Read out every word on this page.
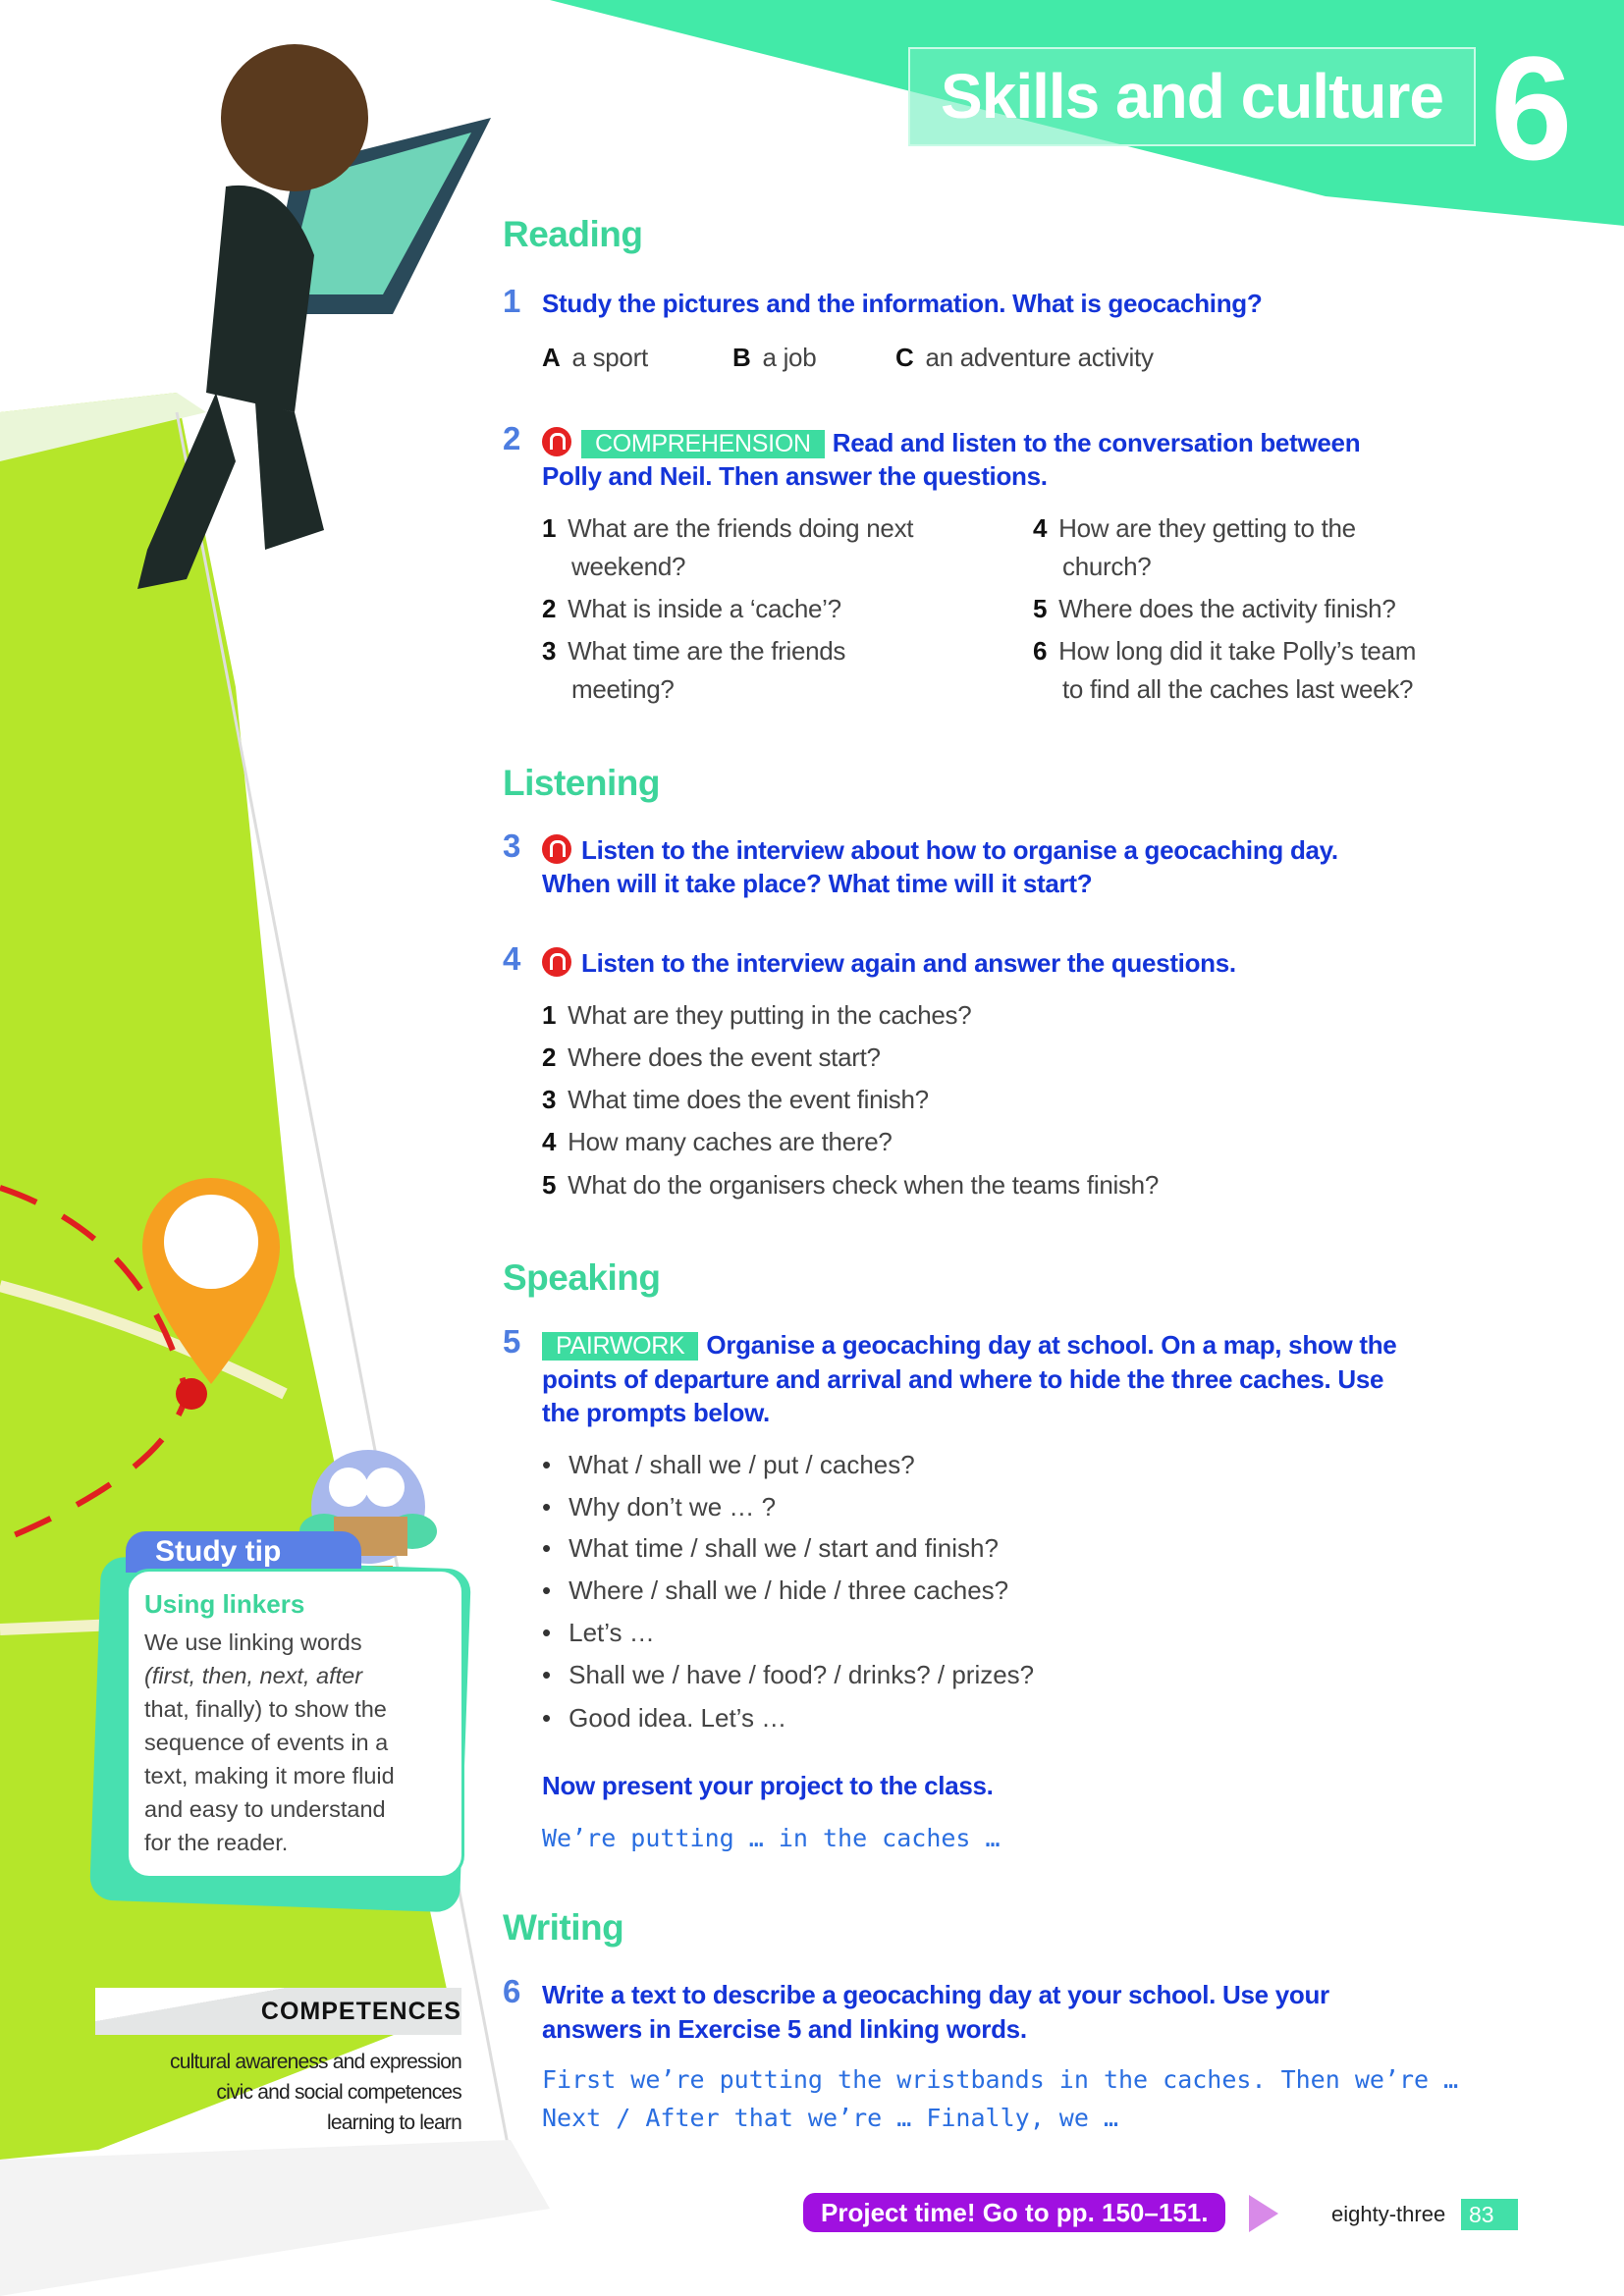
Skills and culture 6
Reading
1 Study the pictures and the information. What is geocaching?
A a sport	B a job	C an adventure activity
2	COMPREHENSION Read and listen to the conversation between
Polly and Neil. Then answer the questions.
1 What are the friends doing next
weekend?
2 What is inside a ‘cache’?
3 What time are the friends
meeting?
4 How are they getting to the
church?
5 Where does the activity finish?
6 How long did it take Polly’s team
to find all the caches last week?
Listening
3	Listen to the interview about how to organise a geocaching day.
When will it take place? What time will it start?
4	Listen to the interview again and answer the questions.
1 What are they putting in the caches?
2 Where does the event start?
3 What time does the event finish?
4 How many caches are there?
5 What do the organisers check when the teams finish?
Speaking
5	PAIRWORK Organise a geocaching day at school. On a map, show the
points of departure and arrival and where to hide the three caches. Use
the prompts below.
• What / shall we / put / caches?
• Why don’t we … ?
• What time / shall we / start and finish?
• Where / shall we / hide / three caches?
• Let’s …
• Shall we / have / food? / drinks? / prizes?
• Good idea. Let’s …
Now present your project to the class.
We’re putting … in the caches …
Writing
6 Write a text to describe a geocaching day at your school. Use your
answers in Exercise 5 and linking words.
First we’re putting the wristbands in the caches. Then we’re …
Next / After that we’re … Finally, we …
Study tip
Using linkers
We use linking words
(first, then, next, after
that, finally) to show the
sequence of events in a
text, making it more fluid
and easy to understand
for the reader.
COMPETENCES
cultural awareness and expression
civic and social competences
learning to learn
Project time! Go to pp. 150–151.	eighty-three	83
